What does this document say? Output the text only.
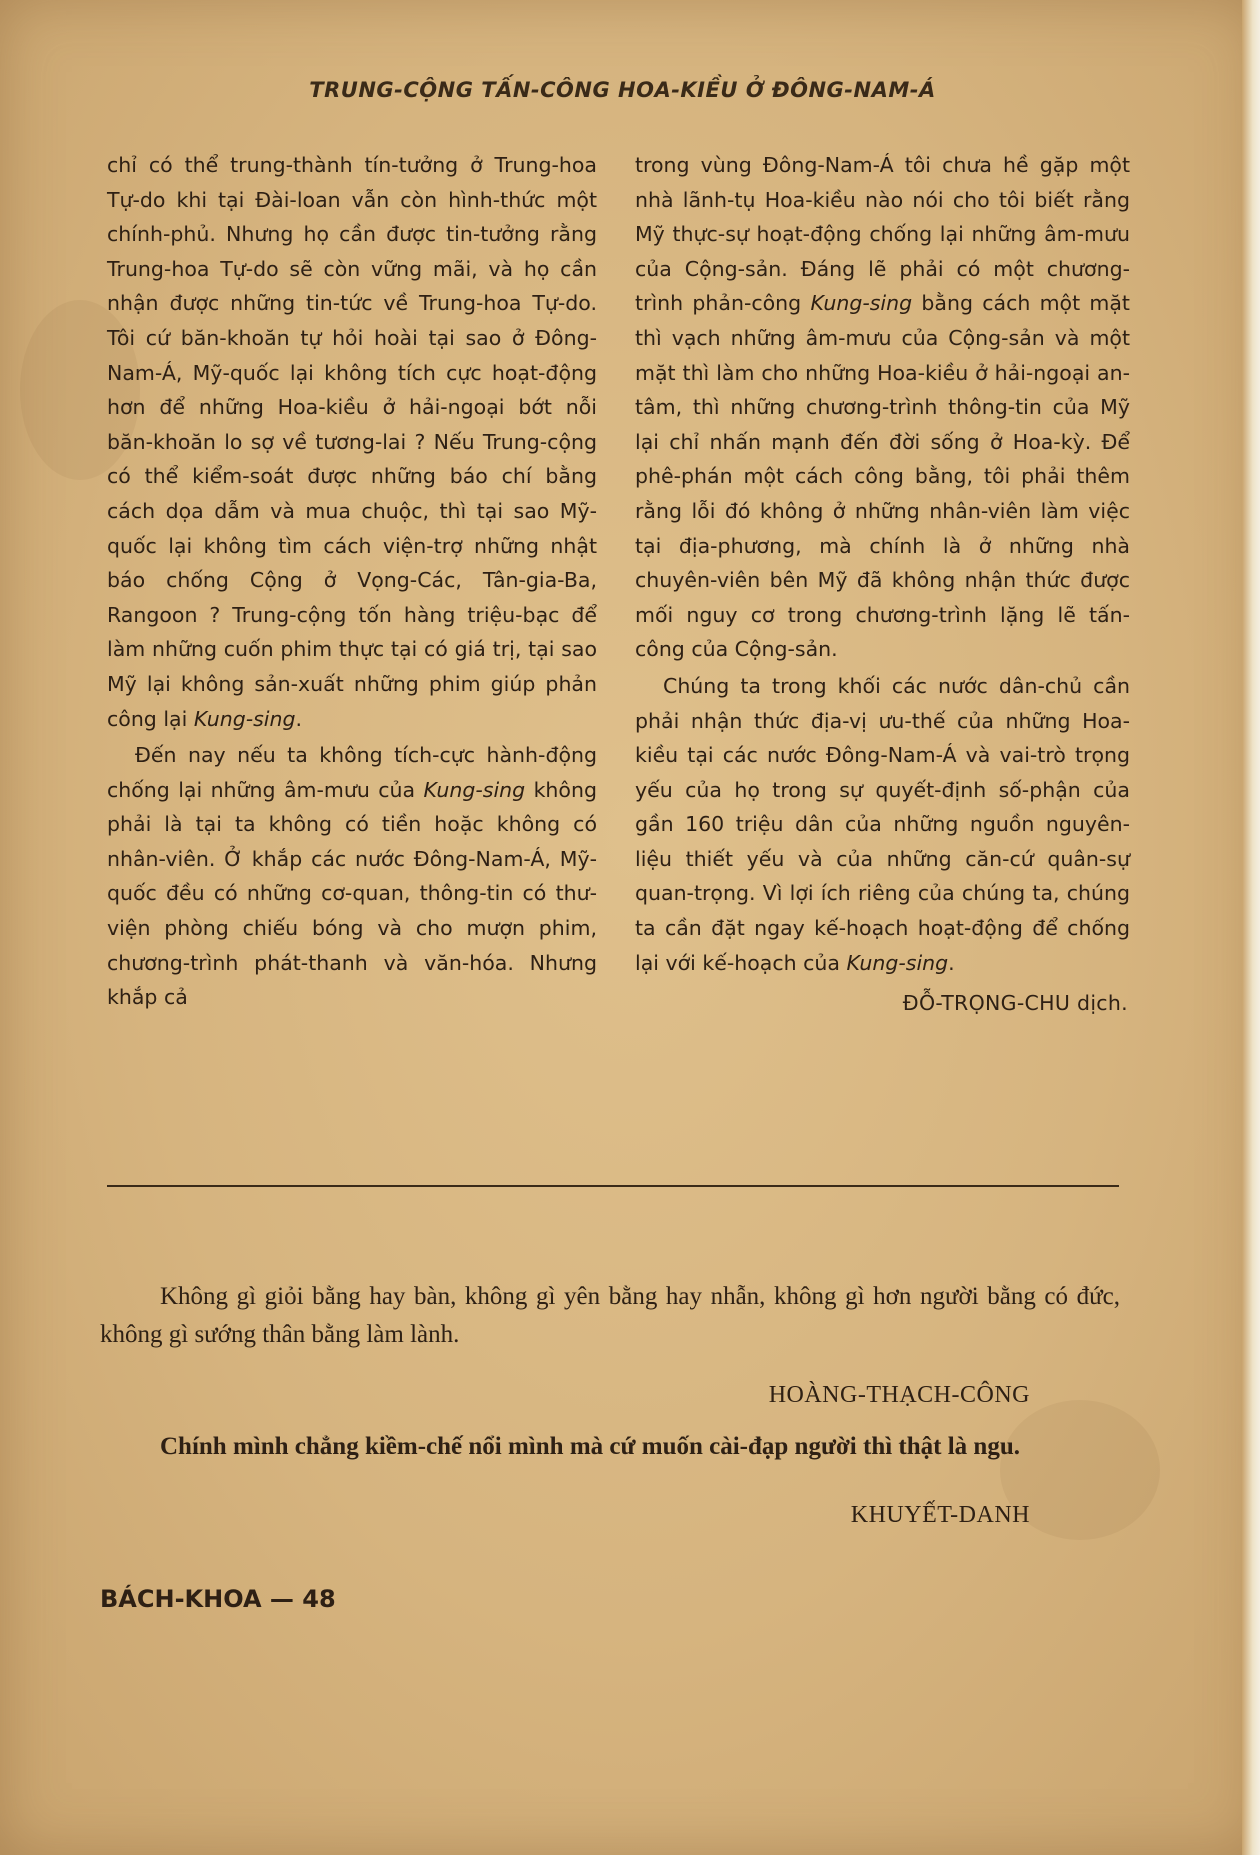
TRUNG-CỘNG TẤN-CÔNG HOA-KIỀU Ở ĐÔNG-NAM-Á

chỉ có thể trung-thành tín-tưởng ở Trung-hoa Tự-do khi tại Đài-loan vẫn còn hình-thức một chính-phủ. Nhưng họ cần được tin-tưởng rằng Trung-hoa Tự-do sẽ còn vững mãi, và họ cần nhận được những tin-tức về Trung-hoa Tự-do. Tôi cứ băn-khoăn tự hỏi hoài tại sao ở Đông-Nam-Á, Mỹ-quốc lại không tích cực hoạt-động hơn để những Hoa-kiều ở hải-ngoại bớt nỗi băn-khoăn lo sợ về tương-lai ? Nếu Trung-cộng có thể kiểm-soát được những báo chí bằng cách dọa dẫm và mua chuộc, thì tại sao Mỹ-quốc lại không tìm cách viện-trợ những nhật báo chống Cộng ở Vọng-Các, Tân-gia-Ba, Rangoon ? Trung-cộng tốn hàng triệu-bạc để làm những cuốn phim thực tại có giá trị, tại sao Mỹ lại không sản-xuất những phim giúp phản công lại Kung-sing.

Đến nay nếu ta không tích-cực hành-động chống lại những âm-mưu của Kung-sing không phải là tại ta không có tiền hoặc không có nhân-viên. Ở khắp các nước Đông-Nam-Á, Mỹ-quốc đều có những cơ-quan, thông-tin có thư-viện phòng chiếu bóng và cho mượn phim, chương-trình phát-thanh và văn-hóa. Nhưng khắp cả

trong vùng Đông-Nam-Á tôi chưa hề gặp một nhà lãnh-tụ Hoa-kiều nào nói cho tôi biết rằng Mỹ thực-sự hoạt-động chống lại những âm-mưu của Cộng-sản. Đáng lẽ phải có một chương-trình phản-công Kung-sing bằng cách một mặt thì vạch những âm-mưu của Cộng-sản và một mặt thì làm cho những Hoa-kiều ở hải-ngoại an-tâm, thì những chương-trình thông-tin của Mỹ lại chỉ nhấn mạnh đến đời sống ở Hoa-kỳ. Để phê-phán một cách công bằng, tôi phải thêm rằng lỗi đó không ở những nhân-viên làm việc tại địa-phương, mà chính là ở những nhà chuyên-viên bên Mỹ đã không nhận thức được mối nguy cơ trong chương-trình lặng lẽ tấn-công của Cộng-sản.

Chúng ta trong khối các nước dân-chủ cần phải nhận thức địa-vị ưu-thế của những Hoa-kiều tại các nước Đông-Nam-Á và vai-trò trọng yếu của họ trong sự quyết-định số-phận của gần 160 triệu dân của những nguồn nguyên-liệu thiết yếu và của những căn-cứ quân-sự quan-trọng. Vì lợi ích riêng của chúng ta, chúng ta cần đặt ngay kế-hoạch hoạt-động để chống lại với kế-hoạch của Kung-sing.

ĐỖ-TRỌNG-CHU dịch.

Không gì giỏi bằng hay bàn, không gì yên bằng hay nhẫn, không gì hơn người bằng có đức, không gì sướng thân bằng làm lành.

HOÀNG-THẠCH-CÔNG

Chính mình chẳng kiềm-chế nổi mình mà cứ muốn cài-đạp người thì thật là ngu.

KHUYẾT-DANH
BÁCH-KHOA — 48
